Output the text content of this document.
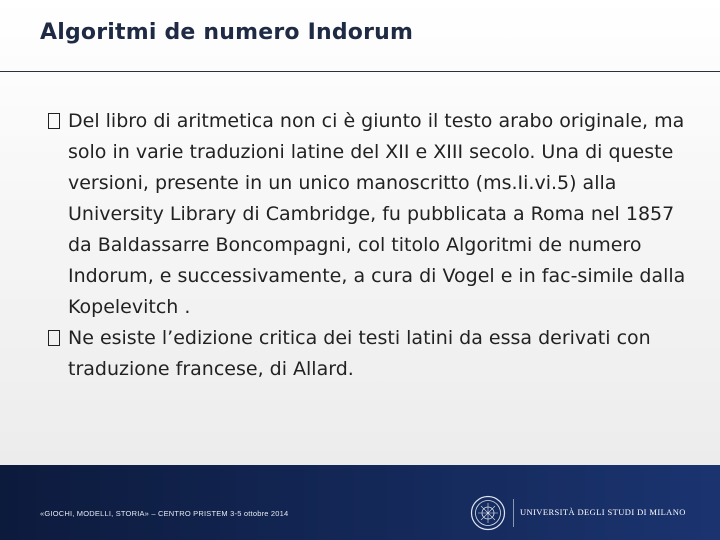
Algoritmi de numero Indorum
Del libro di aritmetica non ci è giunto il testo arabo originale, ma solo in varie traduzioni latine del XII e XIII secolo. Una di queste versioni, presente in un unico manoscritto (ms.Ii.vi.5) alla University Library di Cambridge, fu pubblicata a Roma nel 1857 da Baldassarre Boncompagni, col titolo Algoritmi de numero Indorum, e successivamente, a cura di Vogel e in fac-simile dalla Kopelevitch .
Ne esiste l’edizione critica dei testi latini da essa derivati con traduzione francese, di Allard.
«GIOCHI, MODELLI, STORIA» – CENTRO PRISTEM 3-5 ottobre 2014	UNIVERSITÀ DEGLI STUDI DI MILANO
